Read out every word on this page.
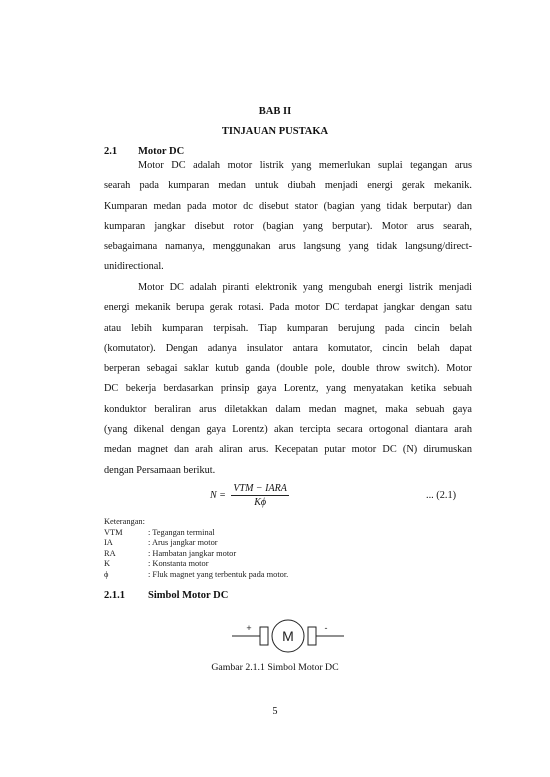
BAB II
TINJAUAN PUSTAKA
2.1 Motor DC
Motor DC adalah motor listrik yang memerlukan suplai tegangan arus
searah pada kumparan medan untuk diubah menjadi energi gerak mekanik.
Kumparan medan pada motor dc disebut stator (bagian yang tidak berputar) dan
kumparan jangkar disebut rotor (bagian yang berputar). Motor arus searah,
sebagaimana namanya, menggunakan arus langsung yang tidak langsung/direct-
unidirectional.
Motor DC adalah piranti elektronik yang mengubah energi listrik menjadi
energi mekanik berupa gerak rotasi. Pada motor DC terdapat jangkar dengan satu
atau lebih kumparan terpisah. Tiap kumparan berujung pada cincin belah
(komutator). Dengan adanya insulator antara komutator, cincin belah dapat
berperan sebagai saklar kutub ganda (double pole, double throw switch). Motor
DC bekerja berdasarkan prinsip gaya Lorentz, yang menyatakan ketika sebuah
konduktor beraliran arus diletakkan dalam medan magnet, maka sebuah gaya
(yang dikenal dengan gaya Lorentz) akan tercipta secara ortogonal diantara arah
medan magnet dan arah aliran arus. Kecepatan putar motor DC (N) dirumuskan
dengan Persamaan berikut.
$N = \frac{\text{VTM − IARA}}{K\phi}$	... (2.1)
Keterangan:
VTM	: Tegangan terminal
IA	: Arus jangkar motor
RA	: Hambatan jangkar motor
K	: Konstanta motor
ϕ	: Fluk magnet yang terbentuk pada motor.
2.1.1 Simbol Motor DC
M
+	-
Gambar 2.1.1 Simbol Motor DC
5
